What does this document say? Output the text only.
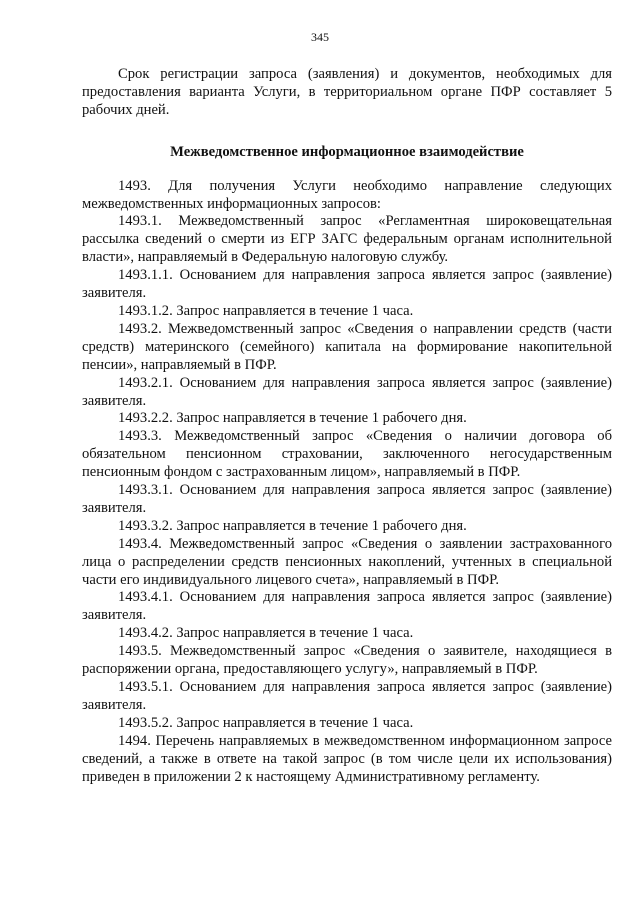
345

Срок регистрации запроса (заявления) и документов, необходимых для предоставления варианта Услуги, в территориальном органе ПФР составляет 5 рабочих дней.

Межведомственное информационное взаимодействие

1493. Для получения Услуги необходимо направление следующих межведомственных информационных запросов:

1493.1. Межведомственный запрос «Регламентная широковещательная рассылка сведений о смерти из ЕГР ЗАГС федеральным органам исполнительной власти», направляемый в Федеральную налоговую службу.

1493.1.1. Основанием для направления запроса является запрос (заявление) заявителя.

1493.1.2. Запрос направляется в течение 1 часа.

1493.2. Межведомственный запрос «Сведения о направлении средств (части средств) материнского (семейного) капитала на формирование накопительной пенсии», направляемый в ПФР.

1493.2.1. Основанием для направления запроса является запрос (заявление) заявителя.

1493.2.2. Запрос направляется в течение 1 рабочего дня.

1493.3. Межведомственный запрос «Сведения о наличии договора об обязательном пенсионном страховании, заключенного негосударственным пенсионным фондом с застрахованным лицом», направляемый в ПФР.

1493.3.1. Основанием для направления запроса является запрос (заявление) заявителя.

1493.3.2. Запрос направляется в течение 1 рабочего дня.

1493.4. Межведомственный запрос «Сведения о заявлении застрахованного лица о распределении средств пенсионных накоплений, учтенных в специальной части его индивидуального лицевого счета», направляемый в ПФР.

1493.4.1. Основанием для направления запроса является запрос (заявление) заявителя.

1493.4.2. Запрос направляется в течение 1 часа.

1493.5. Межведомственный запрос «Сведения о заявителе, находящиеся в распоряжении органа, предоставляющего услугу», направляемый в ПФР.

1493.5.1. Основанием для направления запроса является запрос (заявление) заявителя.

1493.5.2. Запрос направляется в течение 1 часа.

1494. Перечень направляемых в межведомственном информационном запросе сведений, а также в ответе на такой запрос (в том числе цели их использования) приведен в приложении 2 к настоящему Административному регламенту.
